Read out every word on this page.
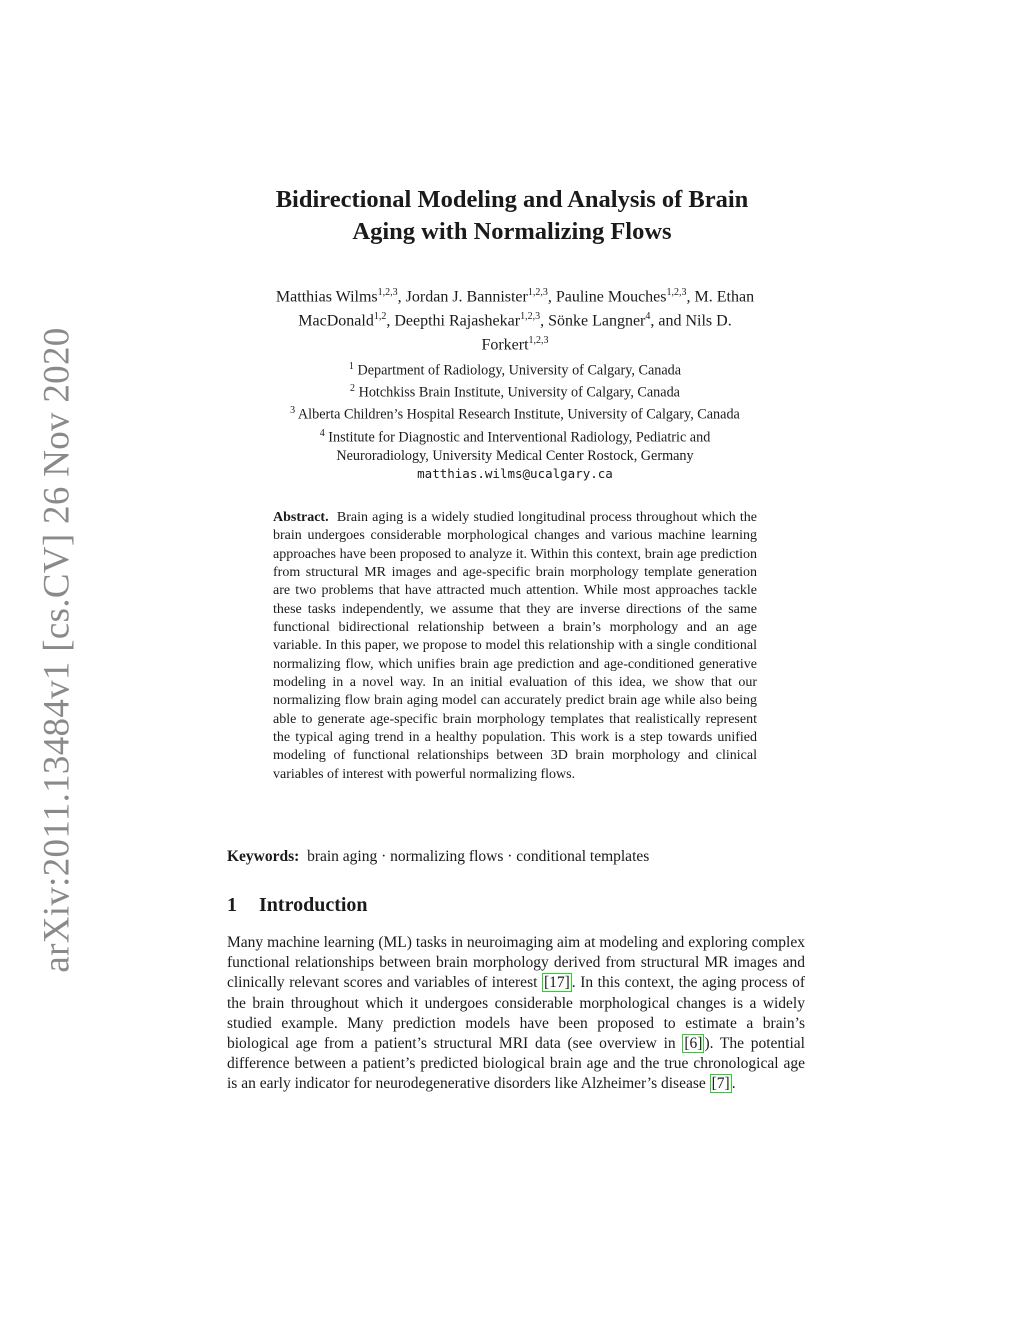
arXiv:2011.13484v1 [cs.CV] 26 Nov 2020
Bidirectional Modeling and Analysis of Brain
Aging with Normalizing Flows
Matthias Wilms$^{1,2,3}$, Jordan J. Bannister$^{1,2,3}$, Pauline Mouches$^{1,2,3}$, M. Ethan
MacDonald$^{1,2}$, Deepthi Rajashekar$^{1,2,3}$, Sönke Langner$^4$, and Nils D.
Forkert$^{1,2,3}$
$^1$ Department of Radiology, University of Calgary, Canada
$^2$ Hotchkiss Brain Institute, University of Calgary, Canada
$^3$ Alberta Children’s Hospital Research Institute, University of Calgary, Canada
$^4$ Institute for Diagnostic and Interventional Radiology, Pediatric and
Neuroradiology, University Medical Center Rostock, Germany
matthias.wilms@ucalgary.ca
Abstract. Brain aging is a widely studied longitudinal process throughout which the brain undergoes considerable morphological changes and various machine learning approaches have been proposed to analyze it. Within this context, brain age prediction from structural MR images and age-specific brain morphology template generation are two problems that have attracted much attention. While most approaches tackle these tasks independently, we assume that they are inverse directions of the same functional bidirectional relationship between a brain’s morphology and an age variable. In this paper, we propose to model this relationship with a single conditional normalizing flow, which unifies brain age prediction and age-conditioned generative modeling in a novel way. In an initial evaluation of this idea, we show that our normalizing flow brain aging model can accurately predict brain age while also being able to generate age-specific brain morphology templates that realistically represent the typical aging trend in a healthy population. This work is a step towards unified modeling of functional relationships between 3D brain morphology and clinical variables of interest with powerful normalizing flows.
Keywords: brain aging · normalizing flows · conditional templates
1 Introduction
Many machine learning (ML) tasks in neuroimaging aim at modeling and exploring complex functional relationships between brain morphology derived from structural MR images and clinically relevant scores and variables of interest [17] . In this context, the aging process of the brain throughout which it undergoes considerable morphological changes is a widely studied example. Many prediction models have been proposed to estimate a brain’s biological age from a patient’s structural MRI data (see overview in [6] ). The potential difference between a patient’s predicted biological brain age and the true chronological age is an early indicator for neurodegenerative disorders like Alzheimer’s disease [7] .
